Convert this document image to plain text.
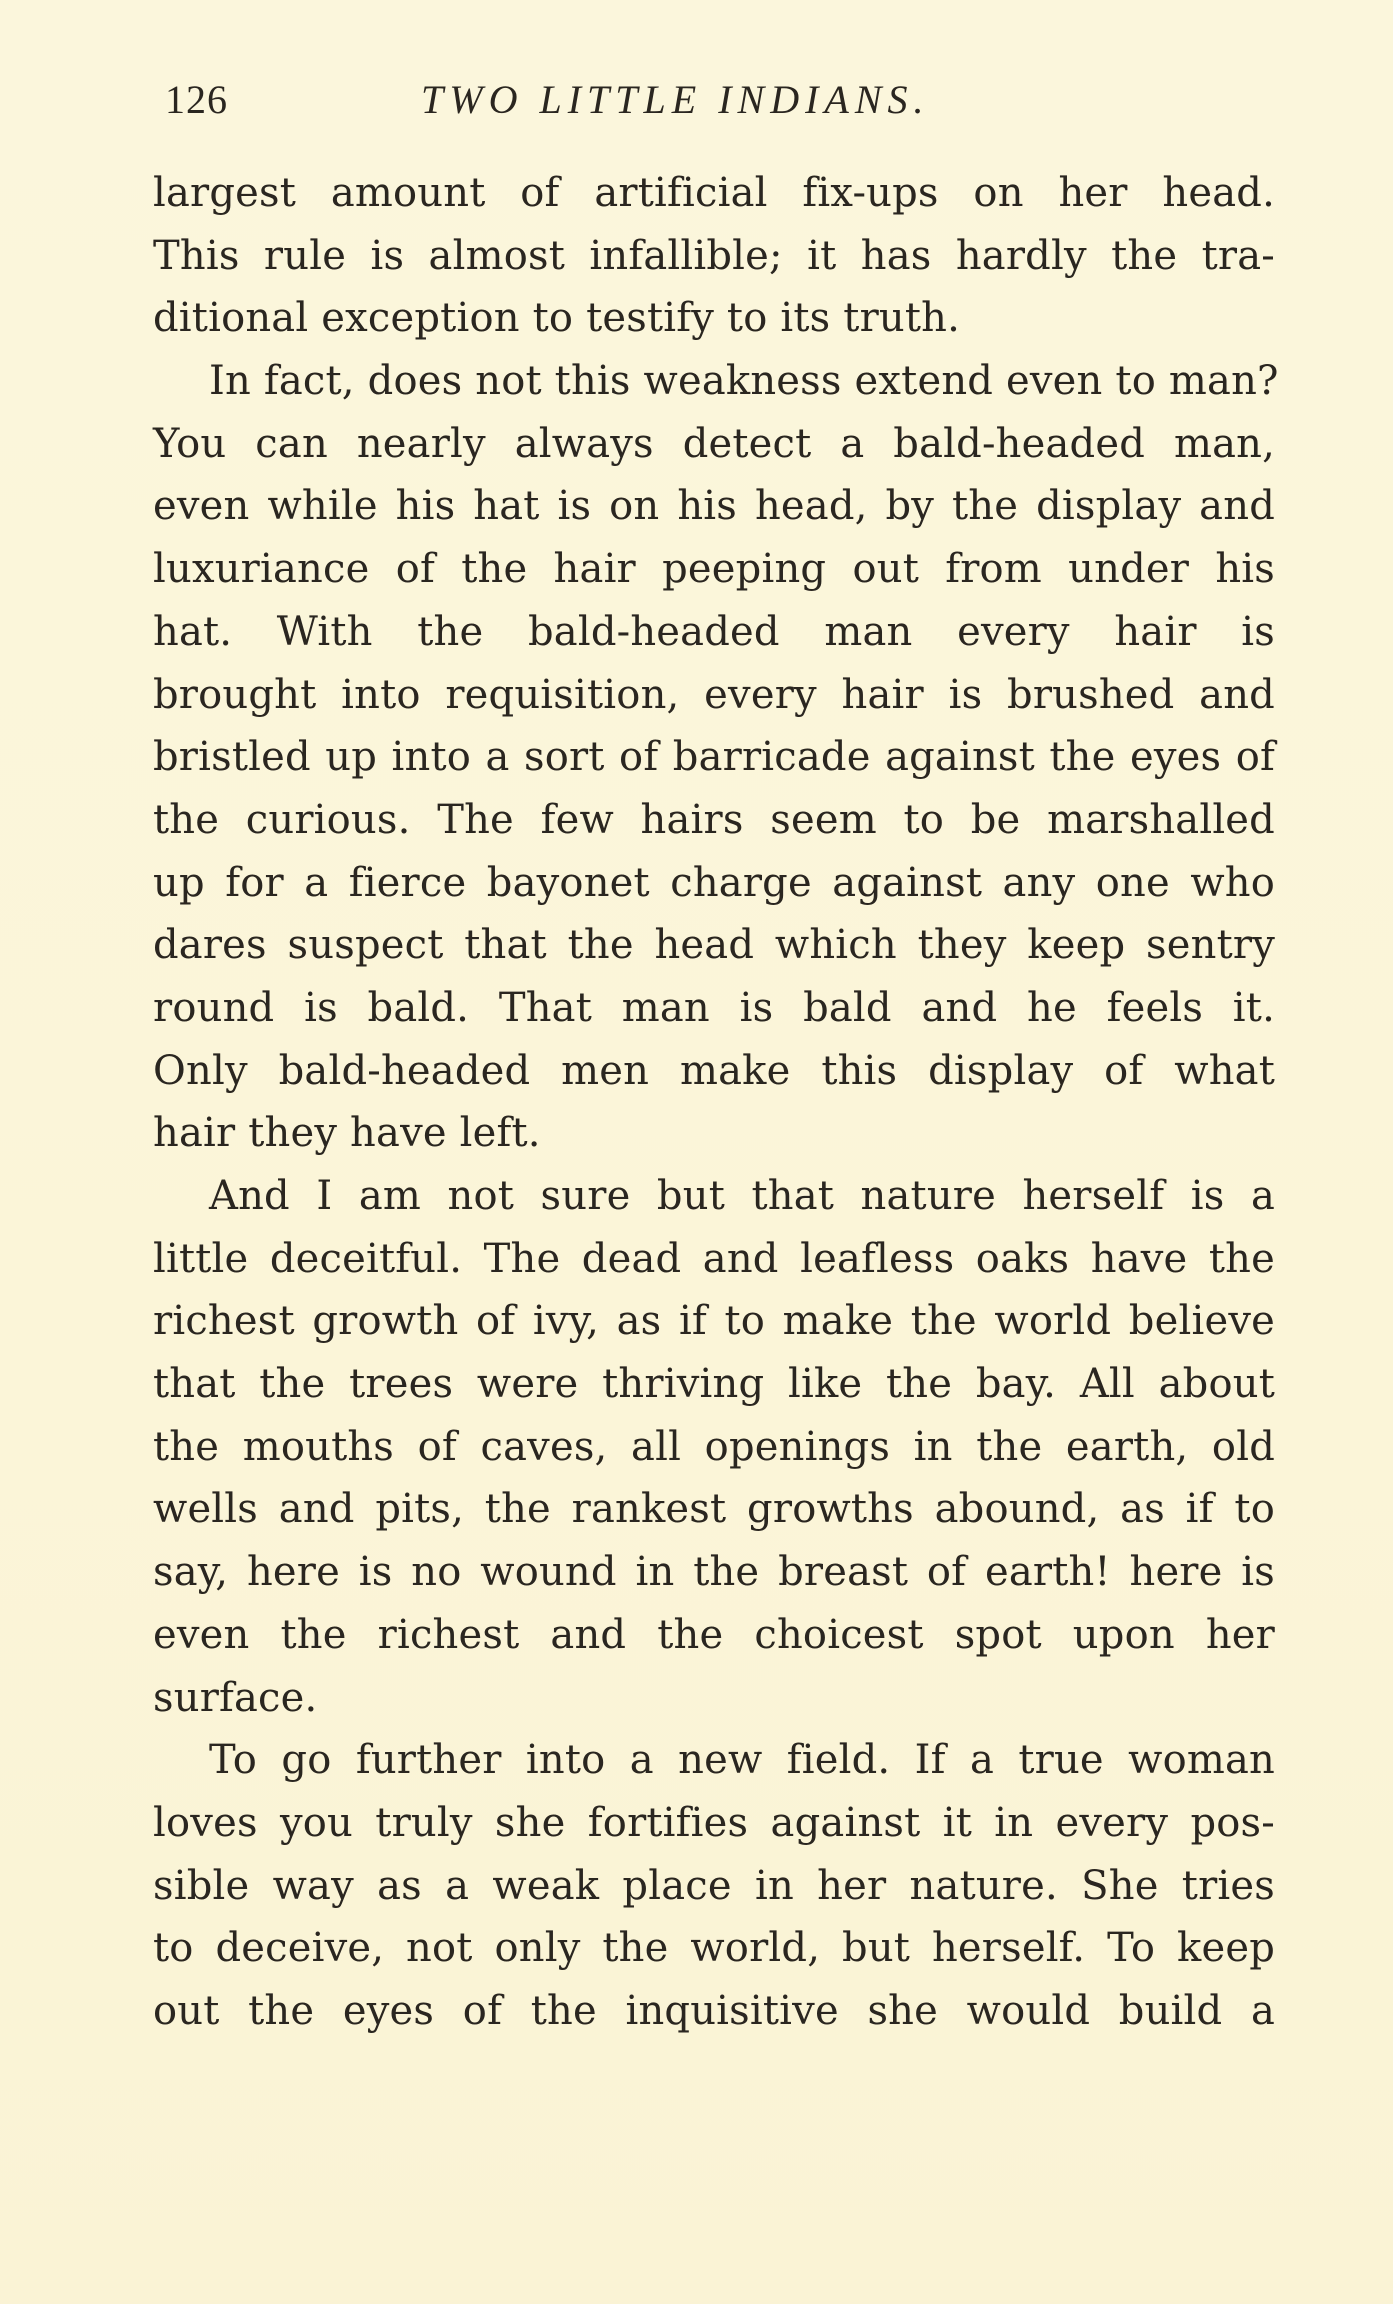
126	TWO LITTLE INDIANS.
largest amount of artificial fix-ups on her head.
This rule is almost infallible; it has hardly the tra-
ditional exception to testify to its truth.
In fact, does not this weakness extend even to man?
You can nearly always detect a bald-headed man,
even while his hat is on his head, by the display and
luxuriance of the hair peeping out from under his
hat. With the bald-headed man every hair is
brought into requisition, every hair is brushed and
bristled up into a sort of barricade against the eyes of
the curious. The few hairs seem to be marshalled
up for a fierce bayonet charge against any one who
dares suspect that the head which they keep sentry
round is bald. That man is bald and he feels it.
Only bald-headed men make this display of what
hair they have left.
And I am not sure but that nature herself is a
little deceitful. The dead and leafless oaks have the
richest growth of ivy, as if to make the world believe
that the trees were thriving like the bay. All about
the mouths of caves, all openings in the earth, old
wells and pits, the rankest growths abound, as if to
say, here is no wound in the breast of earth! here is
even the richest and the choicest spot upon her
surface.
To go further into a new field. If a true woman
loves you truly she fortifies against it in every pos-
sible way as a weak place in her nature. She tries
to deceive, not only the world, but herself. To keep
out the eyes of the inquisitive she would build a
